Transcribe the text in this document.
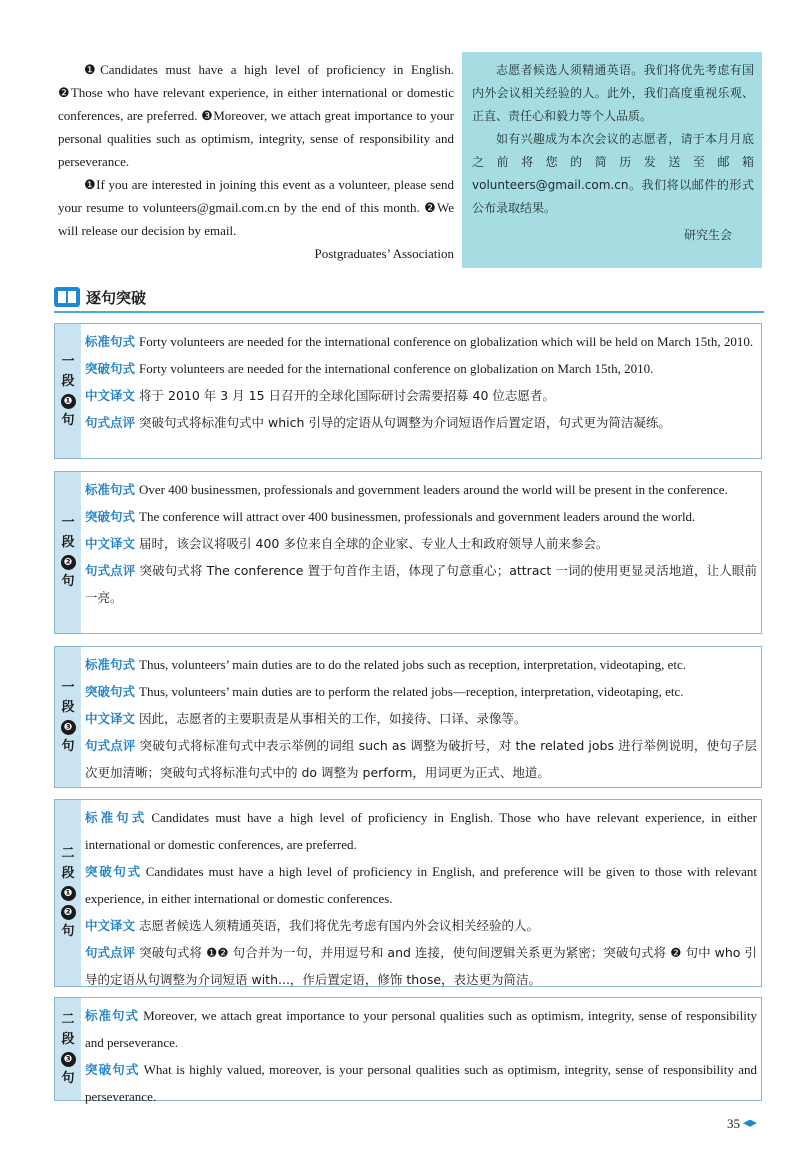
❶Candidates must have a high level of proficiency in English. ❷Those who have relevant experience, in either international or domestic conferences, are preferred. ❸Moreover, we attach great importance to your personal qualities such as optimism, integrity, sense of responsibility and perseverance.

❶If you are interested in joining this event as a volunteer, please send your resume to volunteers@gmail.com.cn by the end of this month. ❷We will release our decision by email.

Postgraduates’ Association

志愿者候选人须精通英语。我们将优先考虑有国内外会议相关经验的人。此外，我们高度重视乐观、正直、责任心和毅力等个人品质。

如有兴趣成为本次会议的志愿者，请于本月月底之前将您的简历发送至邮箱 volunteers@gmail.com.cn。我们将以邮件的形式公布录取结果。

研究生会

逐句突破
一
段
❶
句

标准句式 Forty volunteers are needed for the international conference on globalization which will be held on March 15th, 2010.

突破句式 Forty volunteers are needed for the international conference on globalization on March 15th, 2010.

中文译文 将于 2010 年 3 月 15 日召开的全球化国际研讨会需要招募 40 位志愿者。

句式点评 突破句式将标准句式中 which 引导的定语从句调整为介词短语作后置定语，句式更为简洁凝练。

一
段
❷
句

标准句式 Over 400 businessmen, professionals and government leaders around the world will be present in the conference.

突破句式 The conference will attract over 400 businessmen, professionals and government leaders around the world.

中文译文 届时，该会议将吸引 400 多位来自全球的企业家、专业人士和政府领导人前来参会。

句式点评 突破句式将 The conference 置于句首作主语，体现了句意重心；attract 一词的使用更显灵活地道，让人眼前一亮。

一
段
❸
句

标准句式 Thus, volunteers’ main duties are to do the related jobs such as reception, interpretation, videotaping, etc.

突破句式 Thus, volunteers’ main duties are to perform the related jobs—reception, interpretation, videotaping, etc.

中文译文 因此，志愿者的主要职责是从事相关的工作，如接待、口译、录像等。

句式点评 突破句式将标准句式中表示举例的词组 such as 调整为破折号，对 the related jobs 进行举例说明，使句子层次更加清晰；突破句式将标准句式中的 do 调整为 perform，用词更为正式、地道。

二
段
❶
❷
句

标准句式 Candidates must have a high level of proficiency in English. Those who have relevant experience, in either international or domestic conferences, are preferred.

突破句式 Candidates must have a high level of proficiency in English, and preference will be given to those with relevant experience, in either international or domestic conferences.

中文译文 志愿者候选人须精通英语，我们将优先考虑有国内外会议相关经验的人。

句式点评 突破句式将 ❶❷ 句合并为一句，并用逗号和 and 连接，使句间逻辑关系更为紧密；突破句式将 ❷ 句中 who 引导的定语从句调整为介词短语 with...，作后置定语，修饰 those，表达更为简洁。

二
段
❸
句

标准句式 Moreover, we attach great importance to your personal qualities such as optimism, integrity, sense of responsibility and perseverance.

突破句式 What is highly valued, moreover, is your personal qualities such as optimism, integrity, sense of responsibility and perseverance.

35
